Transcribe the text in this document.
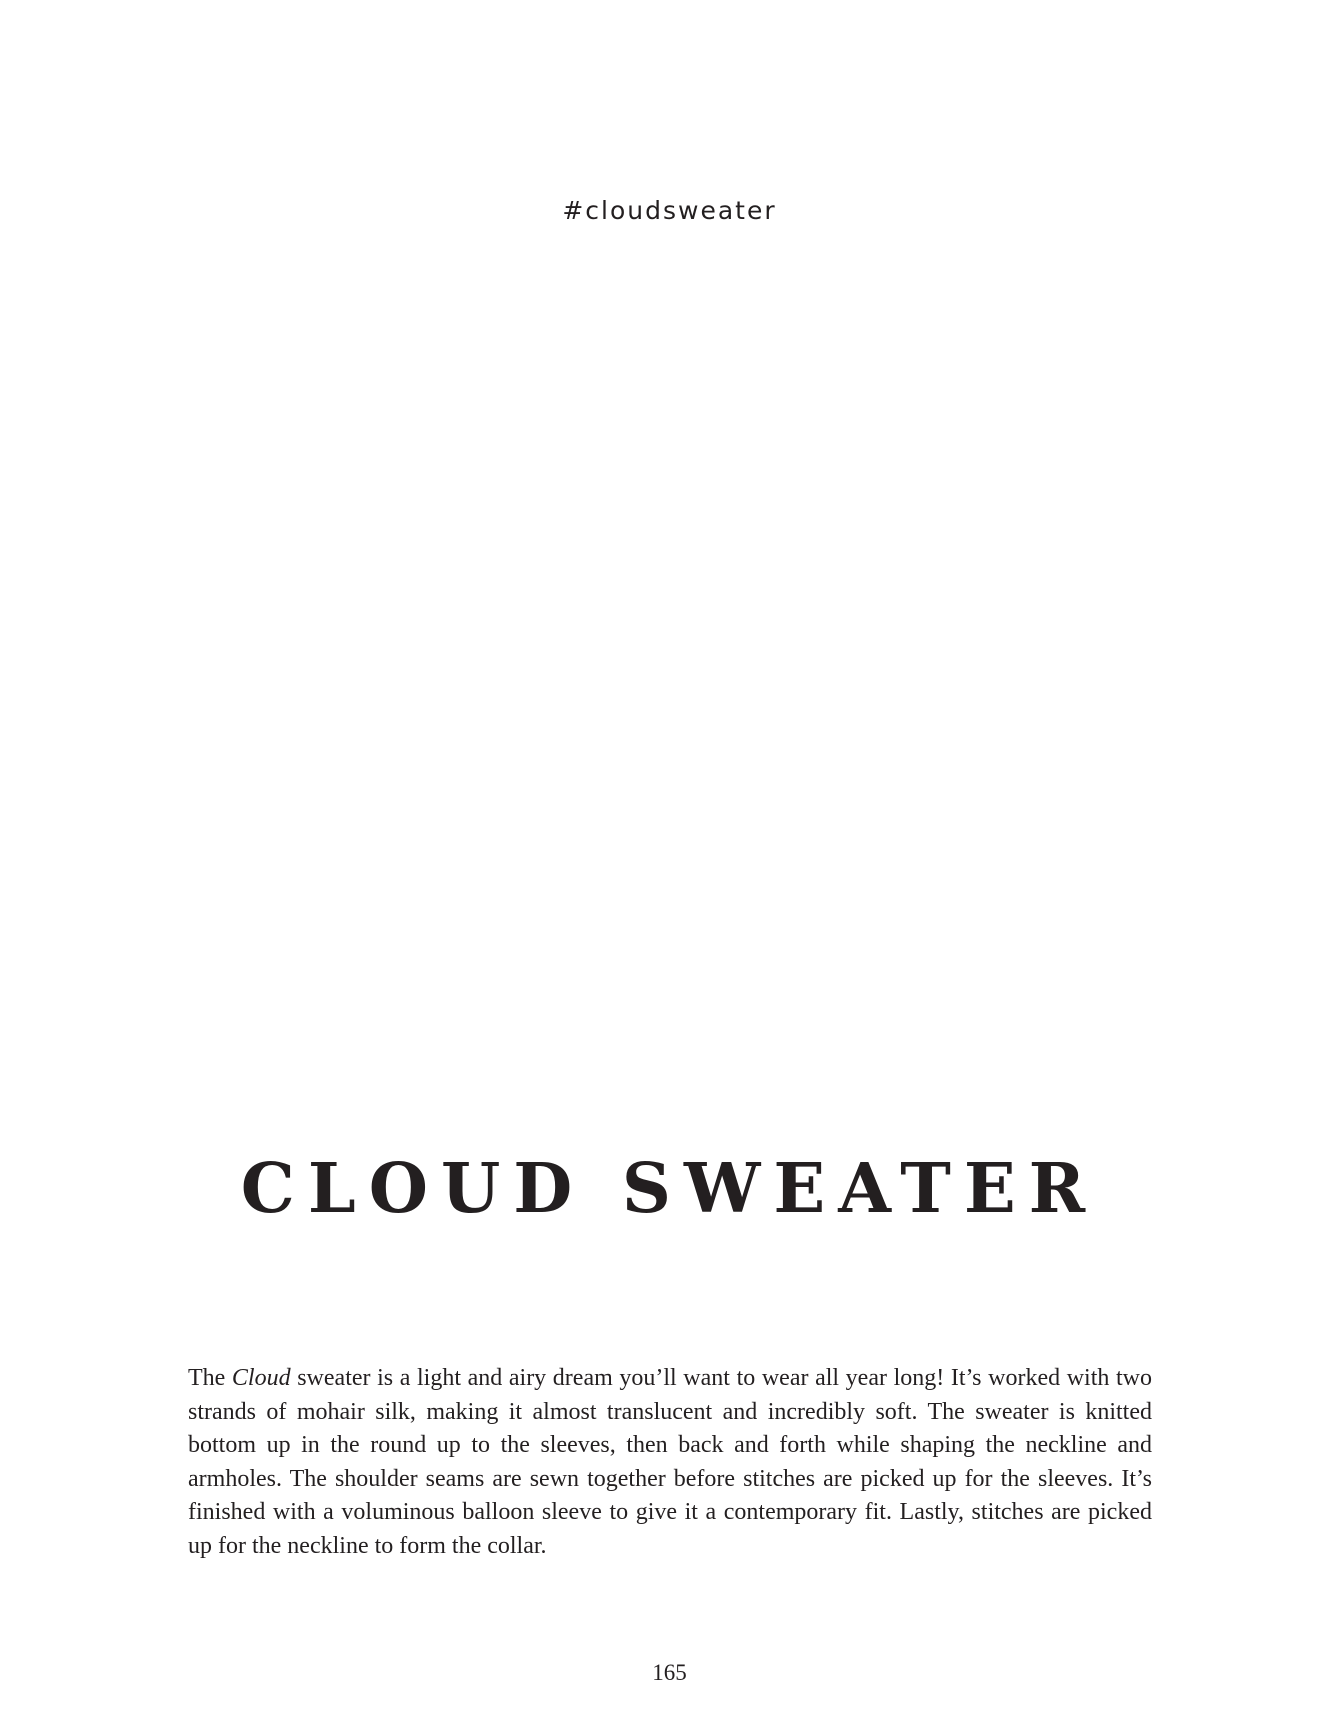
#cloudsweater
CLOUD SWEATER

The Cloud sweater is a light and airy dream you’ll want to wear all year long! It’s worked with two strands of mohair silk, making it almost translucent and incredibly soft. The sweater is knitted bottom up in the round up to the sleeves, then back and forth while shaping the neckline and armholes. The shoulder seams are sewn together before stitches are picked up for the sleeves. It’s finished with a voluminous balloon sleeve to give it a contemporary fit. Lastly, stitches are picked up for the neckline to form the collar.

165
